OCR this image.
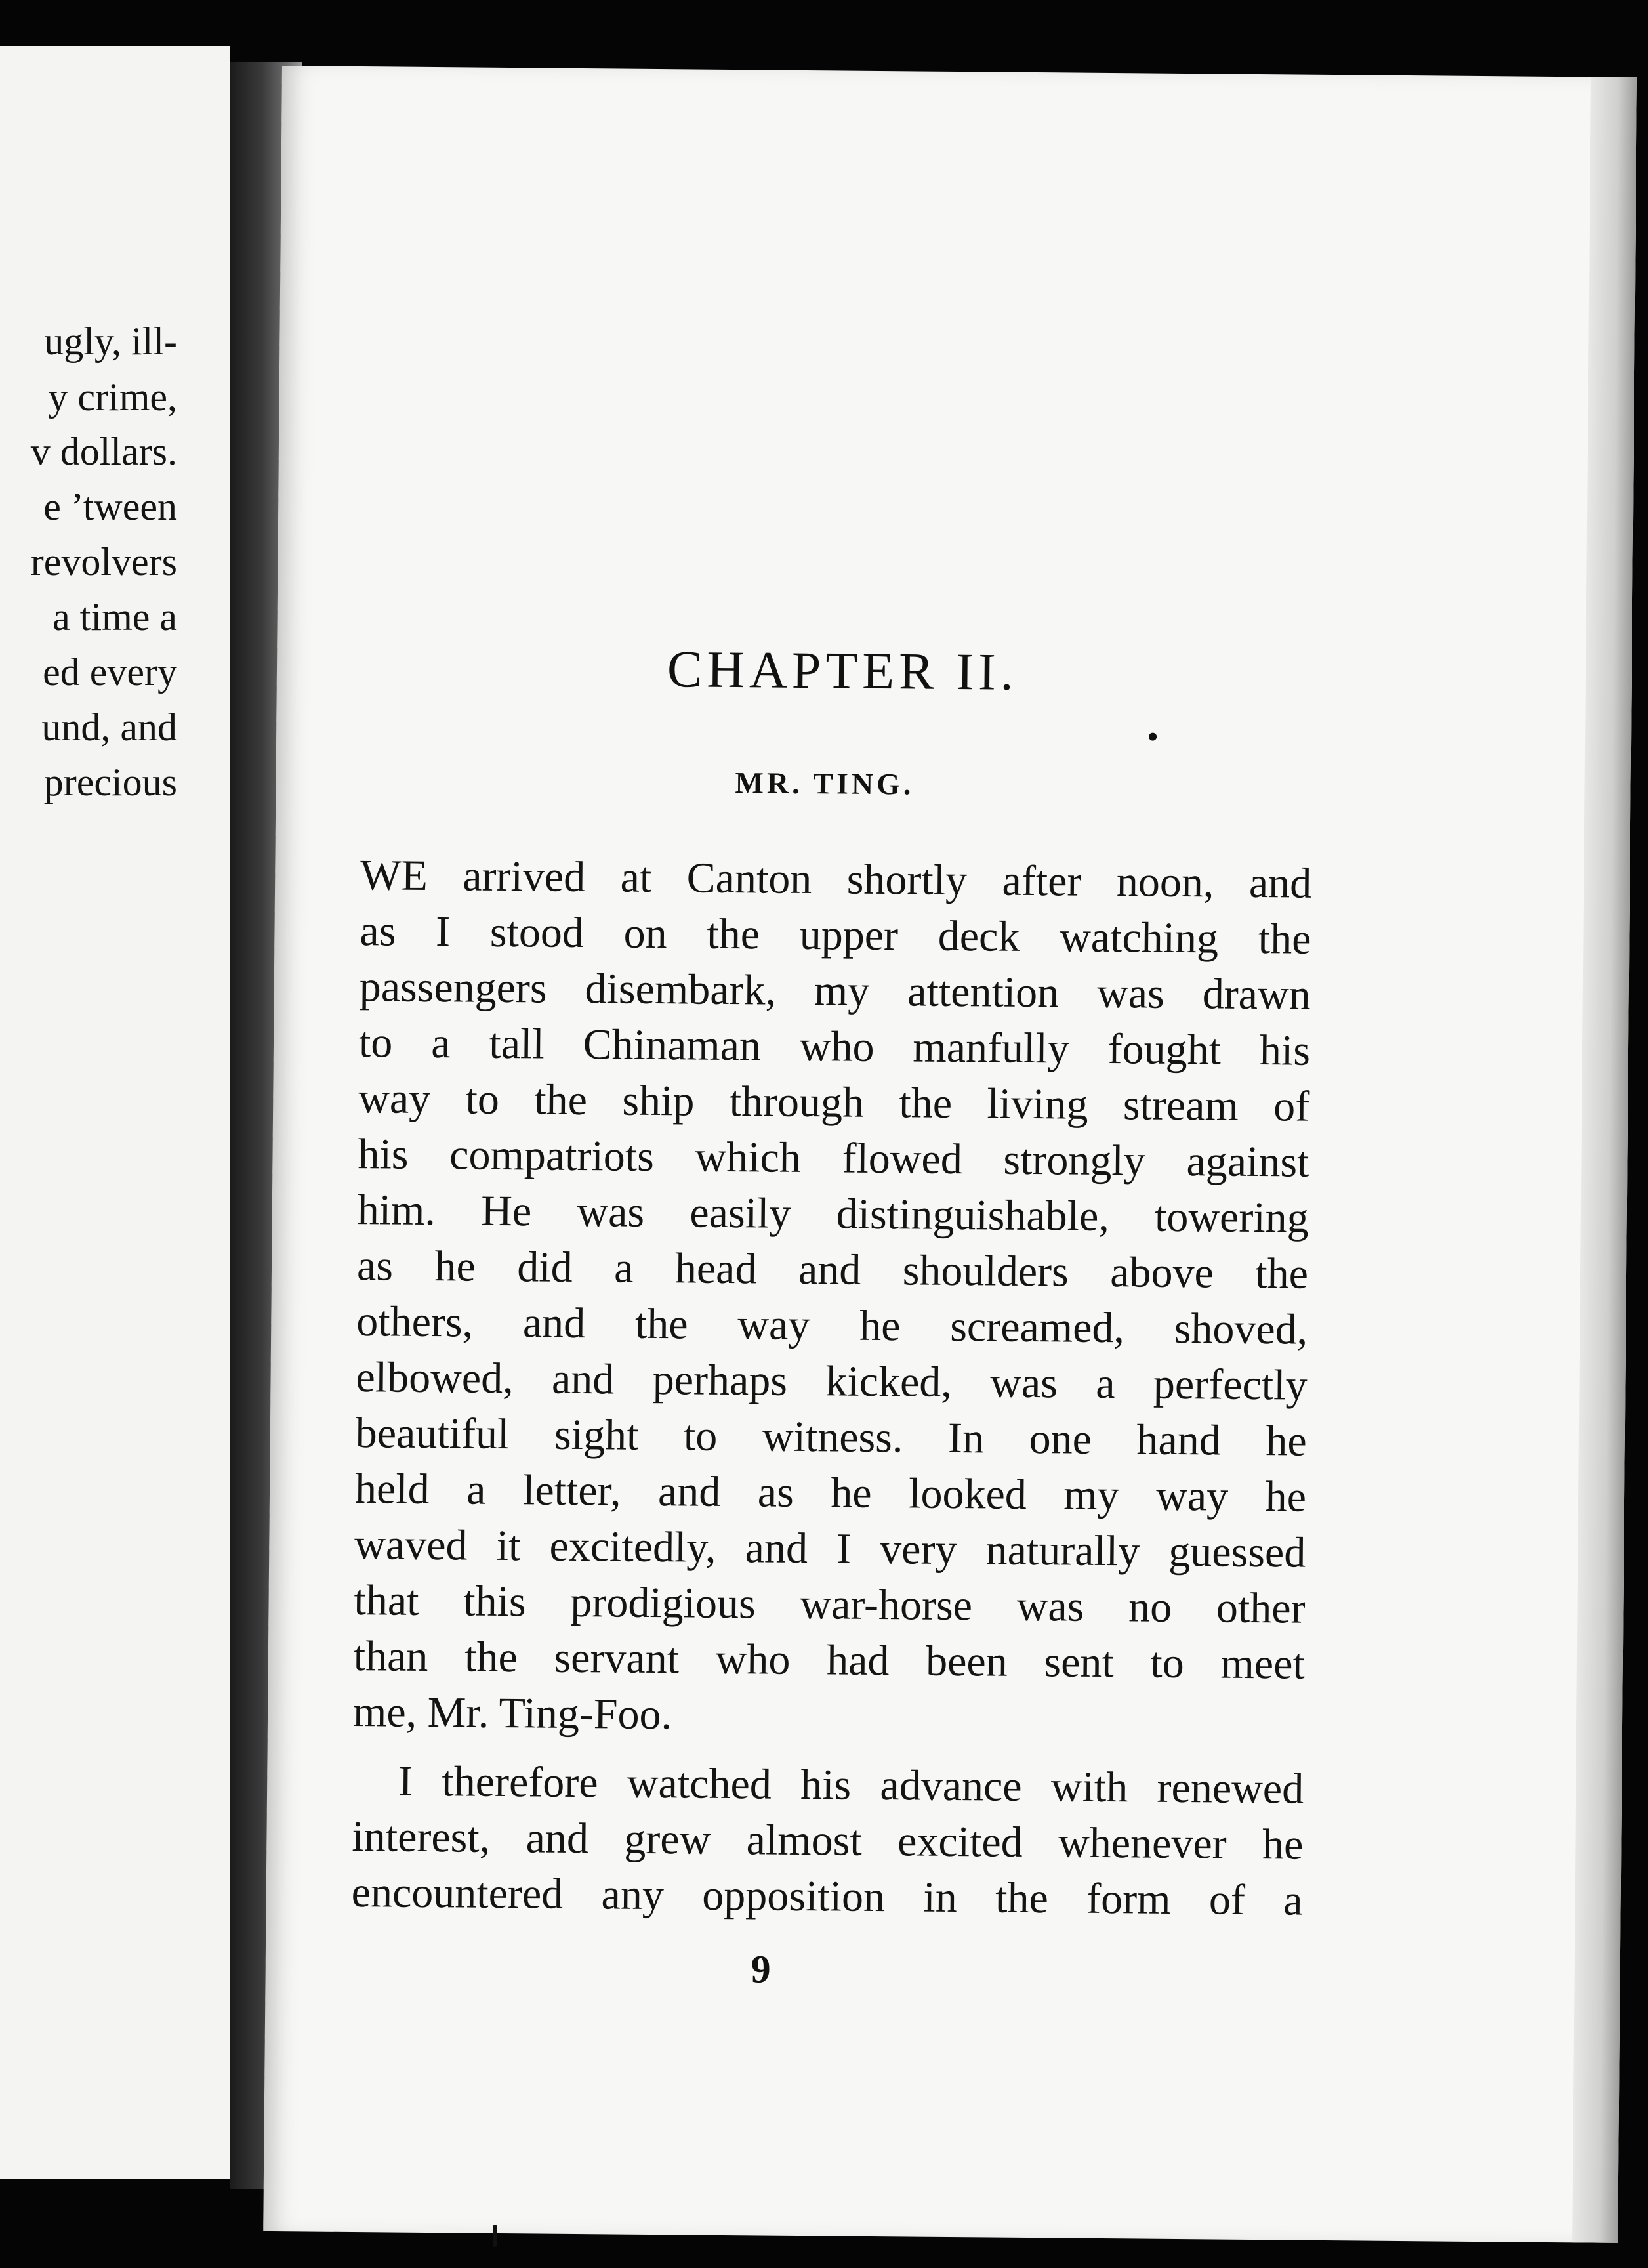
ugly, ill-
y crime,
v dollars.
e ’tween
revolvers
a time a
ed every
und, and
precious
CHAPTER II.
MR. TING.
WE arrived at Canton shortly after noon, and
as I stood on the upper deck watching the
passengers disembark, my attention was drawn
to a tall Chinaman who manfully fought his
way to the ship through the living stream of
his compatriots which flowed strongly against
him. He was easily distinguishable, towering
as he did a head and shoulders above the
others, and the way he screamed, shoved,
elbowed, and perhaps kicked, was a perfectly
beautiful sight to witness. In one hand he
held a letter, and as he looked my way he
waved it excitedly, and I very naturally guessed
that this prodigious war-horse was no other
than the servant who had been sent to meet
me, Mr. Ting-Foo.
I therefore watched his advance with renewed
interest, and grew almost excited whenever he
encountered any opposition in the form of a
9
